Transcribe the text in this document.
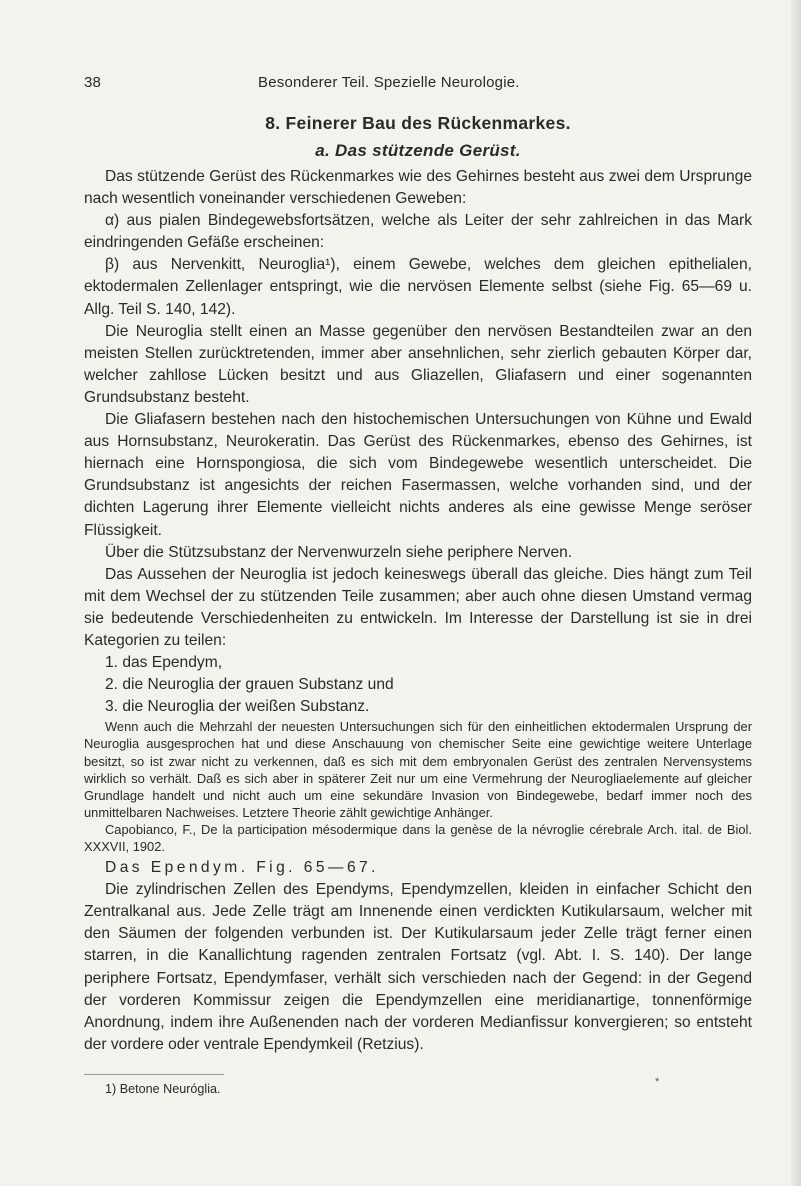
38	Besonderer Teil. Spezielle Neurologie.
8. Feinerer Bau des Rückenmarkes.
a. Das stützende Gerüst.

Das stützende Gerüst des Rückenmarkes wie des Gehirnes besteht aus zwei dem Ursprunge nach wesentlich voneinander verschiedenen Geweben:

α) aus pialen Bindegewebsfortsätzen, welche als Leiter der sehr zahlreichen in das Mark eindringenden Gefäße erscheinen:

β) aus Nervenkitt, Neuroglia¹), einem Gewebe, welches dem gleichen epithelialen, ektodermalen Zellenlager entspringt, wie die nervösen Elemente selbst (siehe Fig. 65—69 u. Allg. Teil S. 140, 142).

Die Neuroglia stellt einen an Masse gegenüber den nervösen Bestandteilen zwar an den meisten Stellen zurücktretenden, immer aber ansehnlichen, sehr zierlich gebauten Körper dar, welcher zahllose Lücken besitzt und aus Gliazellen, Gliafasern und einer sogenannten Grundsubstanz besteht.

Die Gliafasern bestehen nach den histochemischen Untersuchungen von Kühne und Ewald aus Hornsubstanz, Neurokeratin. Das Gerüst des Rückenmarkes, ebenso des Gehirnes, ist hiernach eine Hornspongiosa, die sich vom Bindegewebe wesentlich unterscheidet. Die Grundsubstanz ist angesichts der reichen Fasermassen, welche vorhanden sind, und der dichten Lagerung ihrer Elemente vielleicht nichts anderes als eine gewisse Menge seröser Flüssigkeit.

Über die Stützsubstanz der Nervenwurzeln siehe periphere Nerven.

Das Aussehen der Neuroglia ist jedoch keineswegs überall das gleiche. Dies hängt zum Teil mit dem Wechsel der zu stützenden Teile zusammen; aber auch ohne diesen Umstand vermag sie bedeutende Verschiedenheiten zu entwickeln. Im Interesse der Darstellung ist sie in drei Kategorien zu teilen:

1. das Ependym,

2. die Neuroglia der grauen Substanz und

3. die Neuroglia der weißen Substanz.

Wenn auch die Mehrzahl der neuesten Untersuchungen sich für den einheitlichen ektodermalen Ursprung der Neuroglia ausgesprochen hat und diese Anschauung von chemischer Seite eine gewichtige weitere Unterlage besitzt, so ist zwar nicht zu verkennen, daß es sich mit dem embryonalen Gerüst des zentralen Nervensystems wirklich so verhält. Daß es sich aber in späterer Zeit nur um eine Vermehrung der Neurogliaelemente auf gleicher Grundlage handelt und nicht auch um eine sekundäre Invasion von Bindegewebe, bedarf immer noch des unmittelbaren Nachweises. Letztere Theorie zählt gewichtige Anhänger.

Capobianco, F., De la participation mésodermique dans la genèse de la névroglie cérebrale Arch. ital. de Biol. XXXVII, 1902.

Das Ependym. Fig. 65—67.

Die zylindrischen Zellen des Ependyms, Ependymzellen, kleiden in einfacher Schicht den Zentralkanal aus. Jede Zelle trägt am Innenende einen verdickten Kutikularsaum, welcher mit den Säumen der folgenden verbunden ist. Der Kutikularsaum jeder Zelle trägt ferner einen starren, in die Kanallichtung ragenden zentralen Fortsatz (vgl. Abt. I. S. 140). Der lange periphere Fortsatz, Ependymfaser, verhält sich verschieden nach der Gegend: in der Gegend der vorderen Kommissur zeigen die Ependymzellen eine meridianartige, tonnenförmige Anordnung, indem ihre Außenenden nach der vorderen Medianfissur konvergieren; so entsteht der vordere oder ventrale Ependymkeil (Retzius).

1) Betone Neuróglia.	*
